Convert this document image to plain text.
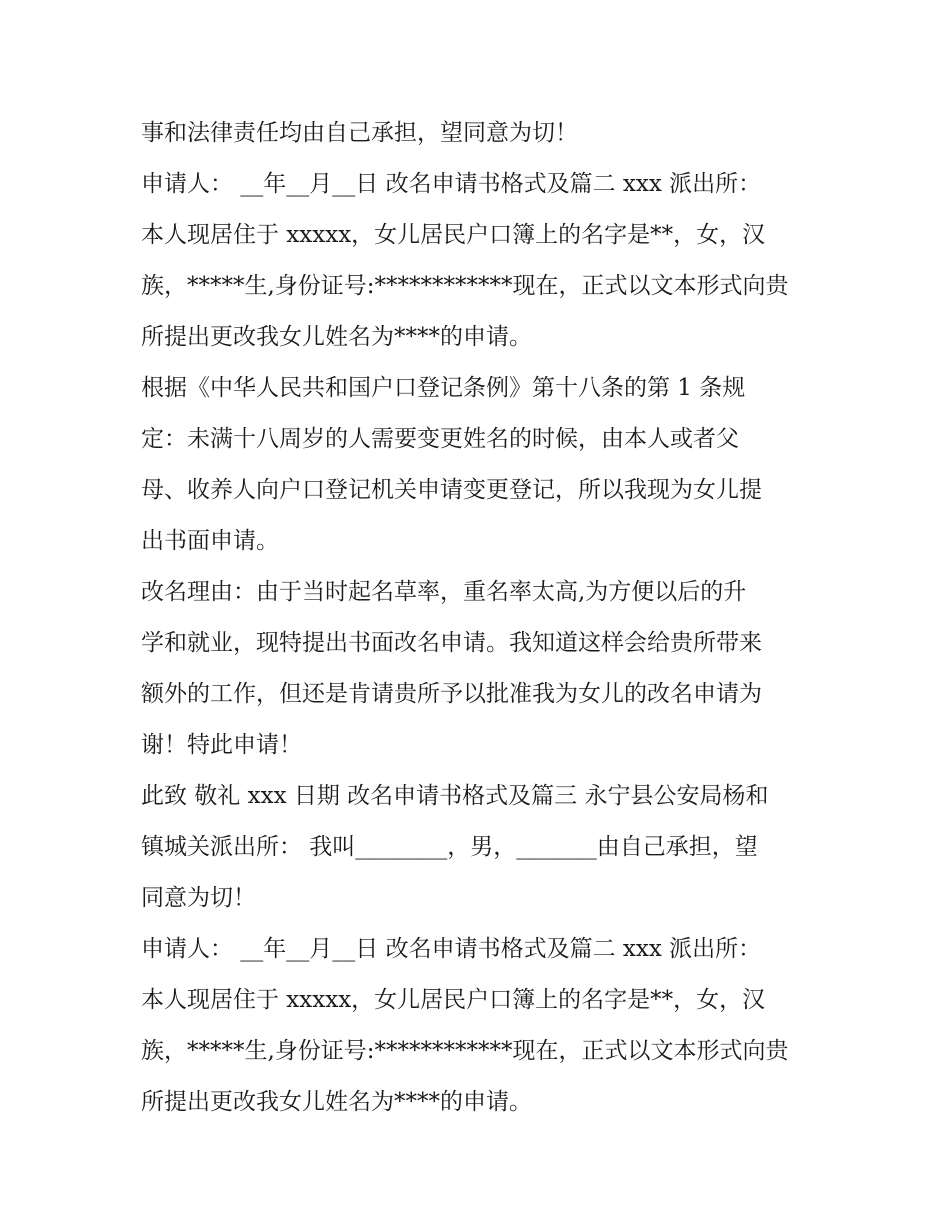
事和法律责任均由自己承担，望同意为切！
申请人： __年__月__日 改名申请书格式及篇二 xxx 派出所：
本人现居住于 xxxxx，女儿居民户口簿上的名字是**，女，汉
族，*****生,身份证号:************现在，正式以文本形式向贵
所提出更改我女儿姓名为****的申请。
根据《中华人民共和国户口登记条例》第十八条的第 1 条规
定：未满十八周岁的人需要变更姓名的时候，由本人或者父
母、收养人向户口登记机关申请变更登记，所以我现为女儿提
出书面申请。
改名理由：由于当时起名草率，重名率太高,为方便以后的升
学和就业，现特提出书面改名申请。我知道这样会给贵所带来
额外的工作，但还是肯请贵所予以批准我为女儿的改名申请为
谢！特此申请！
此致 敬礼 xxx 日期 改名申请书格式及篇三 永宁县公安局杨和
镇城关派出所： 我叫________，男，_______由自己承担，望
同意为切！
申请人： __年__月__日 改名申请书格式及篇二 xxx 派出所：
本人现居住于 xxxxx，女儿居民户口簿上的名字是**，女，汉
族，*****生,身份证号:************现在，正式以文本形式向贵
所提出更改我女儿姓名为****的申请。
